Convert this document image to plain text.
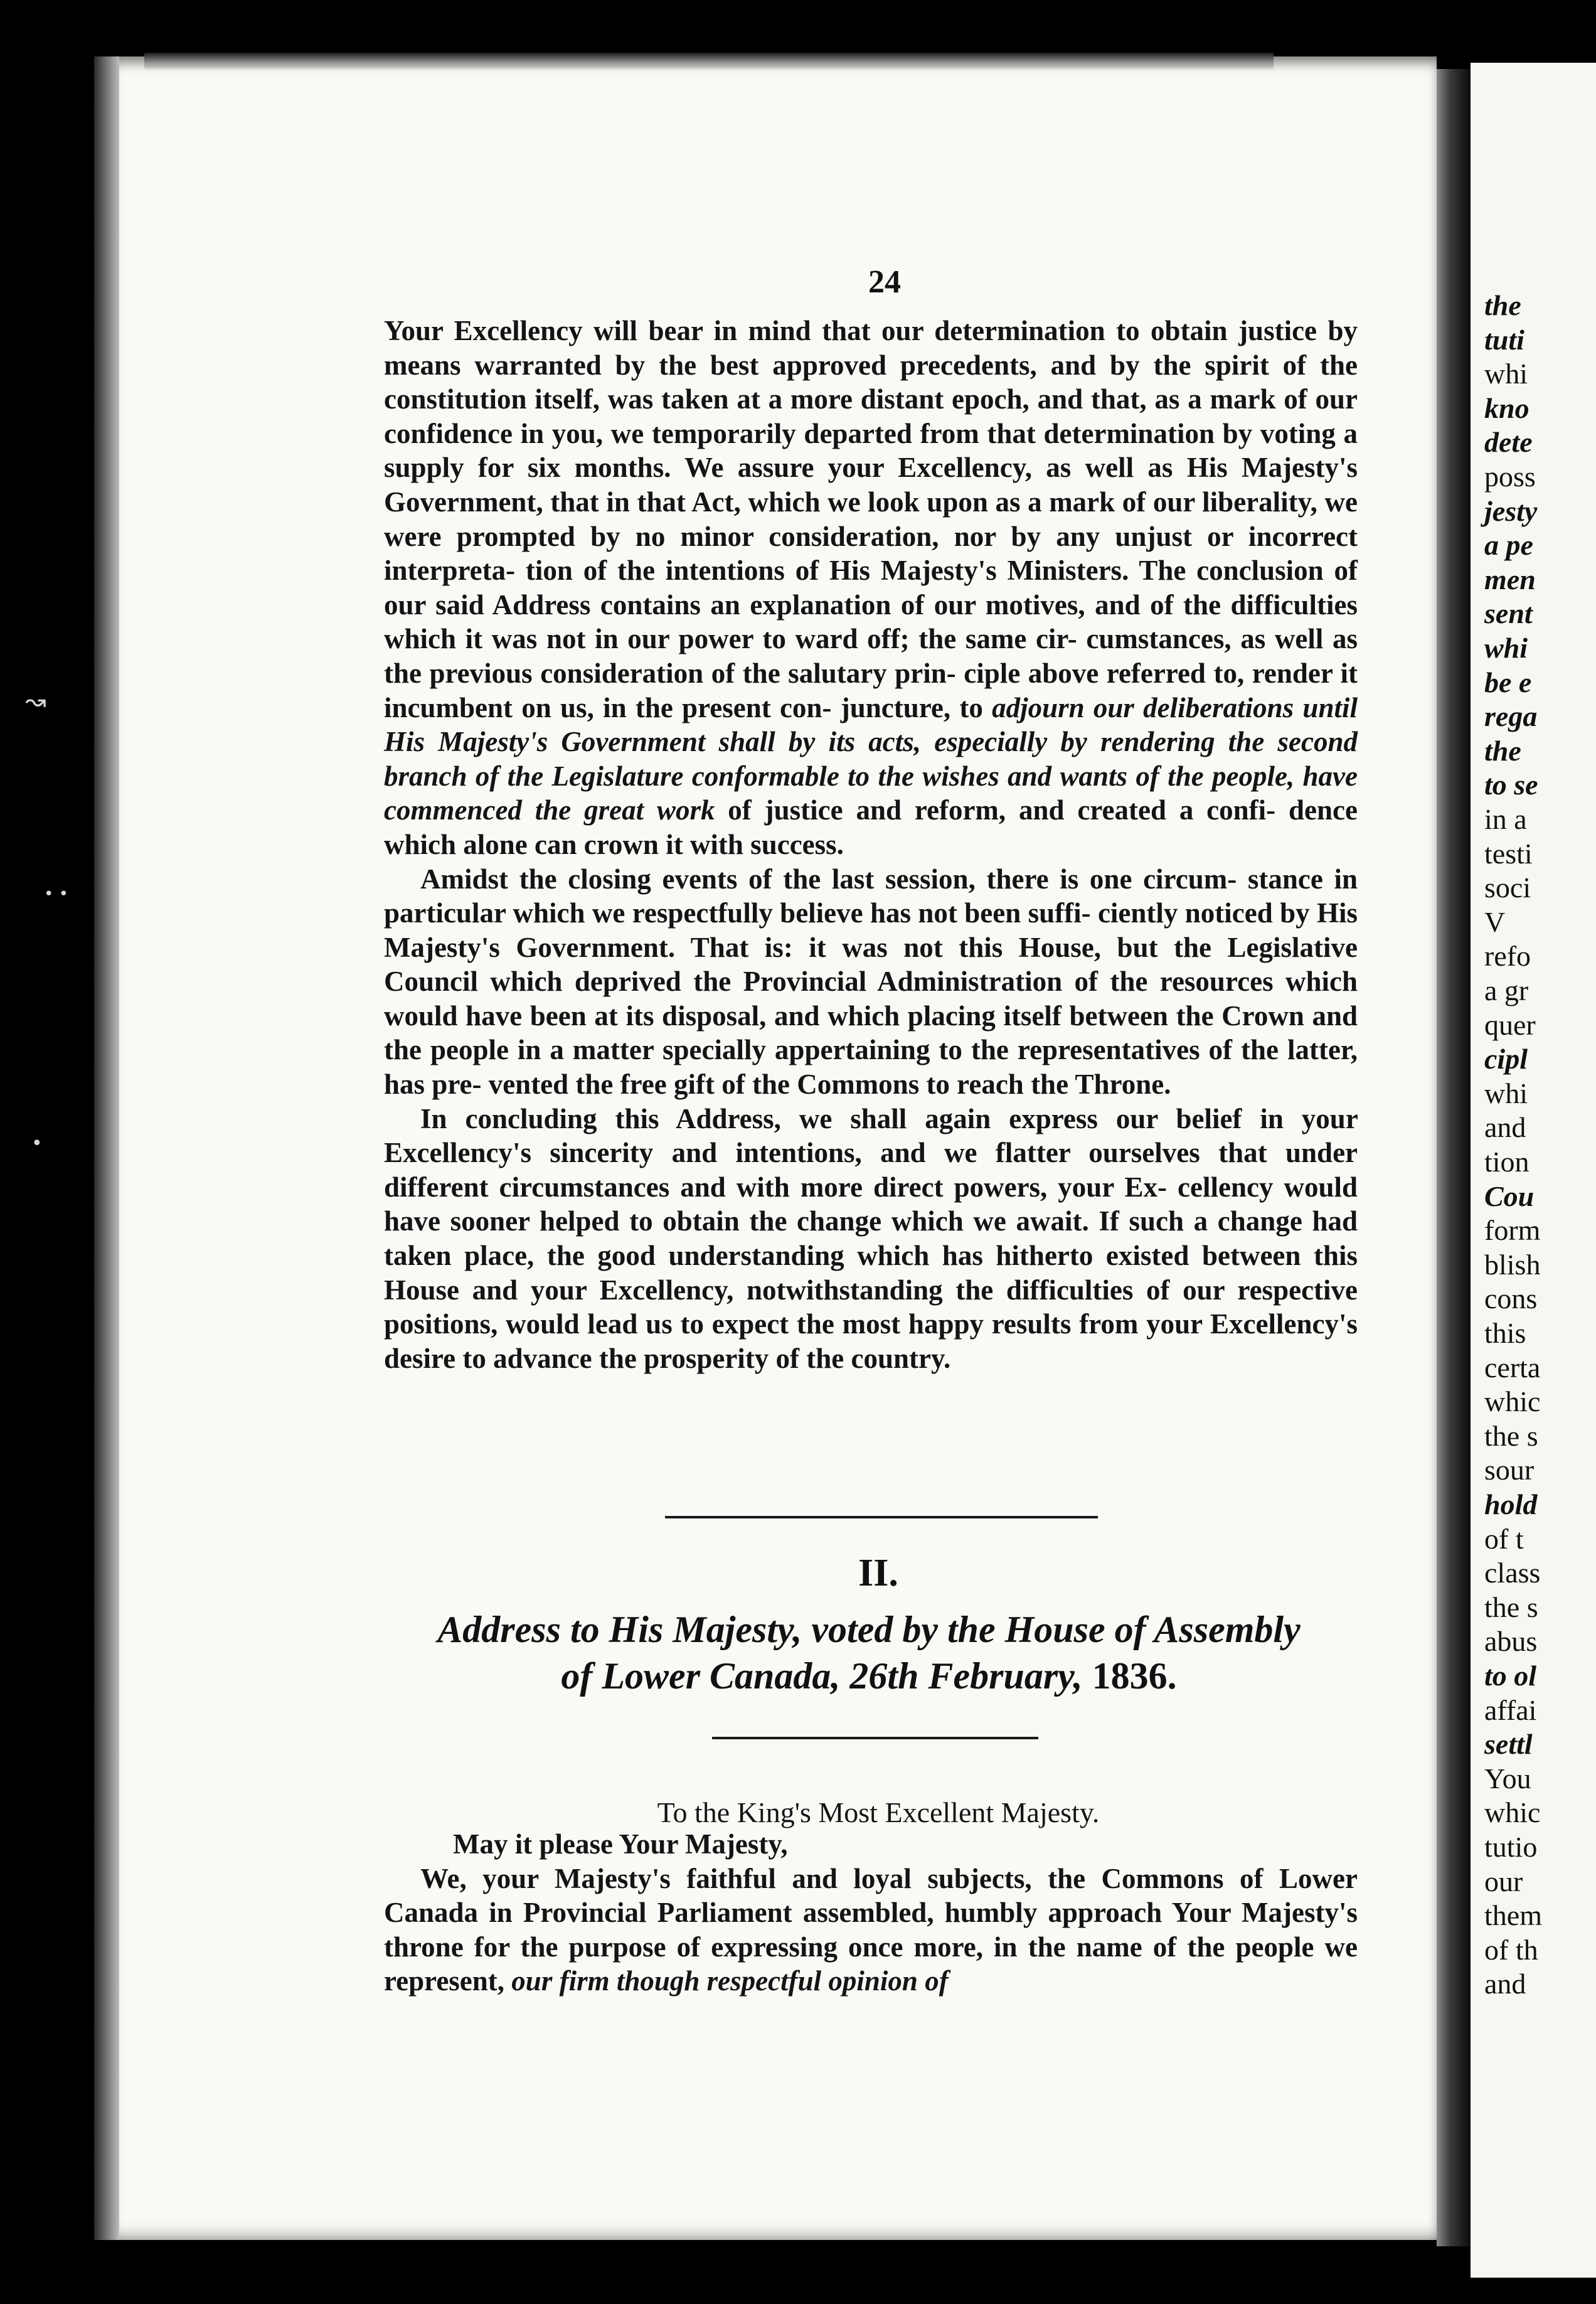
the
tuti
whi
kno
dete
poss
jesty
a pe
men
sent
whi
be e
rega
the
to se
in a
testi
soci
V
refo
a gr
quer
cipl
whi
and
tion
Cou
form
blish
cons
this
certa
whic
the s
sour
hold
of t
class
the s
abus
to ol
affai
settl
You
whic
tutio
our
them
of th
and
↝
• •
•
24

Your Excellency will bear in mind that our determination to obtain justice by means warranted by the best approved precedents, and by the spirit of the constitution itself, was taken at a more distant epoch, and that, as a mark of our confidence in you, we temporarily departed from that determination by voting a supply for six months. We assure your Excellency, as well as His Majesty's Government, that in that Act, which we look upon as a mark of our liberality, we were prompted by no minor consideration, nor by any unjust or incorrect interpreta- tion of the intentions of His Majesty's Ministers. The conclusion of our said Address contains an explanation of our motives, and of the difficulties which it was not in our power to ward off; the same cir- cumstances, as well as the previous consideration of the salutary prin- ciple above referred to, render it incumbent on us, in the present con- juncture, to adjourn our deliberations until His Majesty's Government shall by its acts, especially by rendering the second branch of the Legislature conformable to the wishes and wants of the people, have commenced the great work of justice and reform, and created a confi- dence which alone can crown it with success.

Amidst the closing events of the last session, there is one circum- stance in particular which we respectfully believe has not been suffi- ciently noticed by His Majesty's Government. That is: it was not this House, but the Legislative Council which deprived the Provincial Administration of the resources which would have been at its disposal, and which placing itself between the Crown and the people in a matter specially appertaining to the representatives of the latter, has pre- vented the free gift of the Commons to reach the Throne.

In concluding this Address, we shall again express our belief in your Excellency's sincerity and intentions, and we flatter ourselves that under different circumstances and with more direct powers, your Ex- cellency would have sooner helped to obtain the change which we await. If such a change had taken place, the good understanding which has hitherto existed between this House and your Excellency, notwithstanding the difficulties of our respective positions, would lead us to expect the most happy results from your Excellency's desire to advance the prosperity of the country.

II.
Address to His Majesty, voted by the House of Assembly
of Lower Canada, 26th February, 1836.
To the King's Most Excellent Majesty.
May it please Your Majesty,

We, your Majesty's faithful and loyal subjects, the Commons of Lower Canada in Provincial Parliament assembled, humbly approach Your Majesty's throne for the purpose of expressing once more, in the name of the people we represent, our firm though respectful opinion of
